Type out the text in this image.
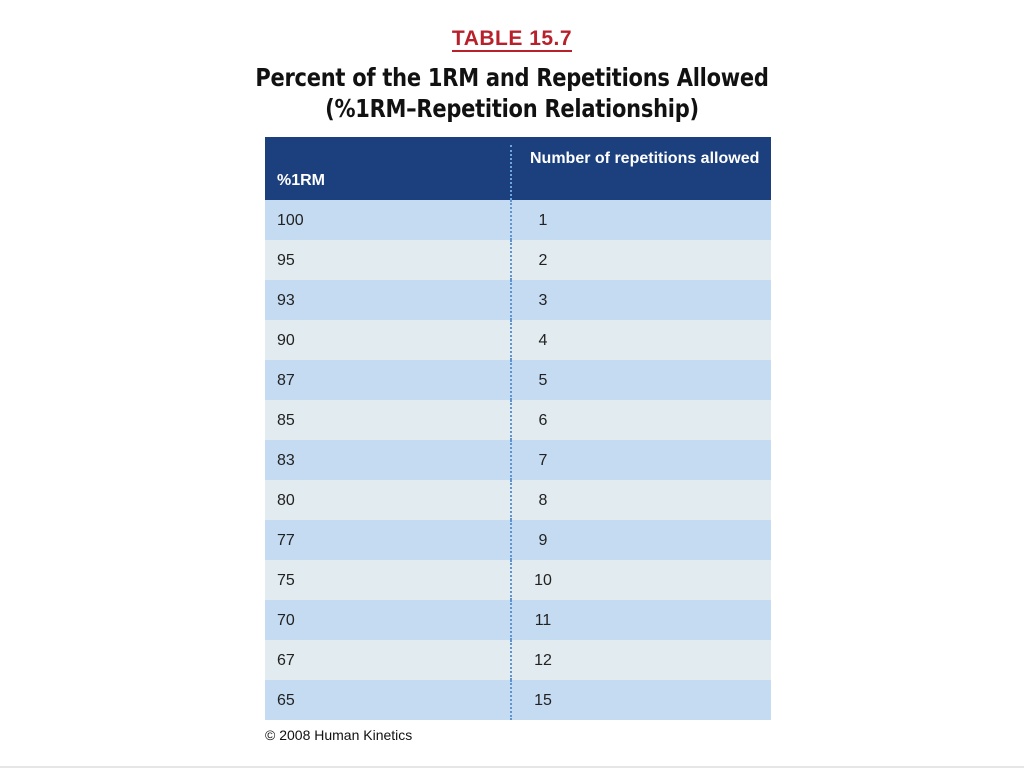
TABLE 15.7
Percent of the 1RM and Repetitions Allowed
(%1RM–Repetition Relationship)
%1RM
Number of repetitions allowed
100	1
95	2
93	3
90	4
87	5
85	6
83	7
80	8
77	9
75	10
70	11
67	12
65	15
© 2008 Human Kinetics
